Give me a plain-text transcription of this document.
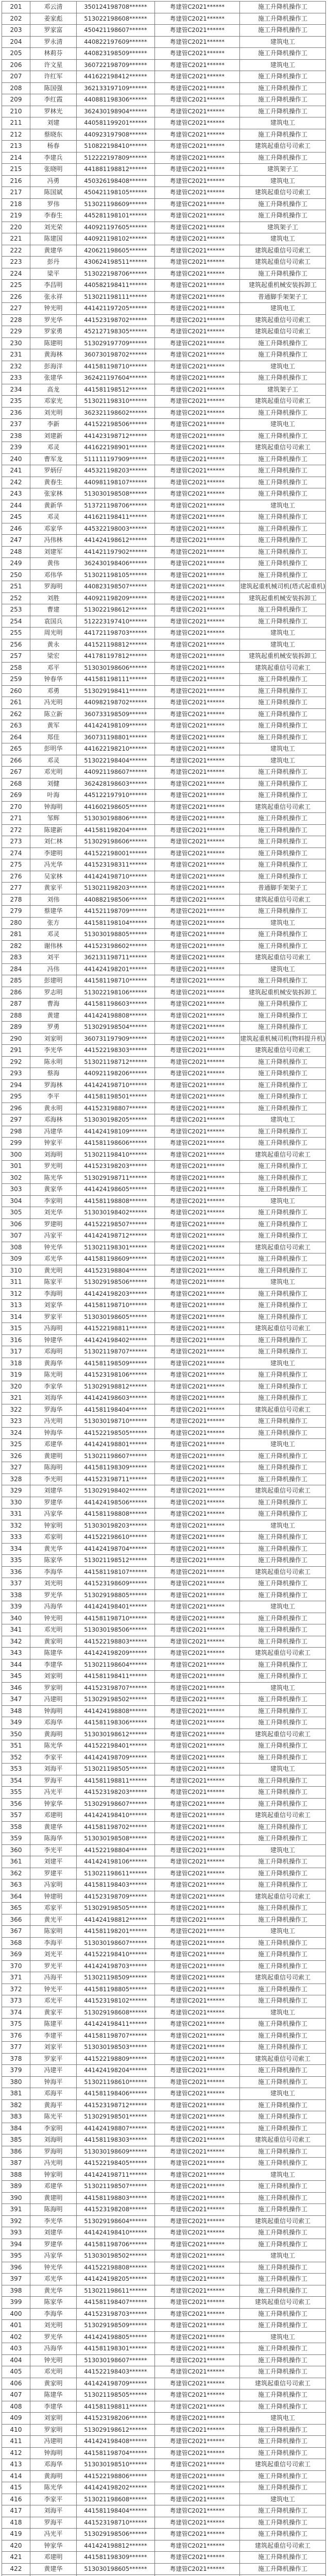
201	邓云清	350124198708******	粤建管C2021******	施工升降机操作工
202	姜家彪	513022198608******	粤建管C2021******	施工升降机操作工
203	罗家富	450421198607******	粤建管C2021******	施工升降机操作工
204	罗永清	440822197609******	粤建管C2021******	建筑电工
205	林莉芬	440823198509******	粤建管C2021******	施工升降机操作工
206	许文星	360722198709******	粤建管C2021******	建筑电工
207	许红军	441622198412******	粤建管C2021******	施工升降机操作工
208	陈国强	362133197109******	粤建管C2021******	施工升降机操作工
209	李红霞	440881198306******	粤建管C2021******	施工升降机操作工
210	罗林光	362430198904******	粤建管C2021******	施工升降机操作工
211	刘建	440581199201******	粤建管C2021******	建筑电工
212	蔡晓东	440923197908******	粤建管C2021******	施工升降机操作工
213	杨春	510822198410******	粤建管C2021******	建筑起重信号司索工
214	李建兵	512222197809******	粤建管C2021******	施工升降机操作工
215	张晓明	441881198812******	粤建管C2021******	建筑架子工
216	冯勇	450326198408******	粤建管C2021******	建筑电工
217	陈国斌	450421198105******	粤建管C2021******	建筑起重信号司索工
218	罗伟	513021198609******	粤建管C2021******	施工升降机操作工
219	李春生	445281198101******	粤建管C2021******	施工升降机操作工
220	刘光荣	440921197605******	粤建管C2021******	建筑架子工
221	陈建国	440921198102******	粤建管C2021******	建筑电工
222	黄建华	420621198605******	粤建管C2021******	建筑起重信号司索工
223	彭丹	430624198511******	粤建管C2021******	建筑起重信号司索工
224	梁平	513022198706******	粤建管C2021******	施工升降机操作工
225	李昌明	440582198411******	粤建管C2021******	建筑起重机械安装拆卸工
226	张永祥	513021198111******	粤建管C2021******	普通脚手架架子工
227	钟光明	441421197205******	粤建管C2021******	建筑电工
228	罗光华	441523198702******	粤建管C2021******	建筑起重信号司索工
229	罗家勇	452127198305******	粤建管C2021******	建筑起重信号司索工
230	陈建明	513029197709******	粤建管C2021******	施工升降机操作工
231	黄海林	360730198702******	粤建管C2021******	施工升降机操作工
232	彭海洋	441581198710******	粤建管C2021******	建筑电工
233	张建华	362421197604******	粤建管C2021******	施工升降机操作工
234	高龙	441581198512******	粤建管C2021******	建筑架子工
235	邓家光	513021198310******	粤建管C2021******	建筑起重信号司索工
236	刘光明	362321198602******	粤建管C2021******	施工升降机操作工
237	李新	441522198506******	粤建管C2021******	建筑电工
238	刘建新	441423198712******	粤建管C2021******	施工升降机操作工
239	邓灵	441622198901******	粤建管C2021******	建筑起重信号司索工
240	曹军龙	511111197909******	粤建管C2021******	施工升降机操作工
241	罗炳仔	445321198203******	粤建管C2021******	施工升降机操作工
242	黄春生	440981198107******	粤建管C2021******	施工升降机操作工
243	张家林	513030198508******	粤建管C2021******	施工升降机操作工
244	黄新华	513721198706******	粤建管C2021******	建筑电工
245	邓灵	441621198411******	粤建管C2021******	施工升降机操作工
246	邓家华	445322198003******	粤建管C2021******	施工升降机操作工
247	冯伟林	441424198612******	粤建管C2021******	施工升降机操作工
248	刘建军	441421197902******	粤建管C2021******	施工升降机操作工
249	黄伟	362430198406******	粤建管C2021******	施工升降机操作工
250	邓伟华	513021198105******	粤建管C2021******	施工升降机操作工
251	罗海明	440823198507******	粤建管C2021******	建筑起重机械司机(塔式起重机)
252	刘胜	440921198209******	粤建管C2021******	建筑起重机械安装拆卸工
253	曹建	513022198612******	粤建管C2021******	施工升降机操作工
254	袁国兵	512223197410******	粤建管C2021******	施工升降机操作工
255	周光明	441721198703******	粤建管C2021******	建筑电工
256	黄永	441521198812******	粤建管C2021******	建筑电工
257	梁宏	441781197812******	粤建管C2021******	建筑起重机械安装拆卸工
258	邓平	513030198606******	粤建管C2021******	建筑起重信号司索工
259	钟春华	441581198111******	粤建管C2021******	施工升降机操作工
260	邓勇	513029198411******	粤建管C2021******	施工升降机操作工
261	冯光明	440982198702******	粤建管C2021******	施工升降机操作工
262	陈立新	360733198509******	粤建管C2021******	施工升降机操作工
263	黄军	441424198109******	粤建管C2021******	施工升降机操作工
264	郑佳	360731198801******	粤建管C2021******	施工升降机操作工
265	彭明华	441622198210******	粤建管C2021******	建筑电工
266	邓灵	513022198404******	粤建管C2021******	建筑电工
267	邓光明	440921198607******	粤建管C2021******	施工升降机操作工
268	刘健	362428198603******	粤建管C2021******	施工升降机操作工
269	叶海	445122197910******	粤建管C2021******	施工升降机操作工
270	钟海明	441602198605******	粤建管C2021******	建筑起重信号司索工
271	邹辉	513030198806******	粤建管C2021******	施工升降机操作工
272	陈建新	441581198204******	粤建管C2021******	施工升降机操作工
273	刘仁林	513029198606******	粤建管C2021******	施工升降机操作工
274	李建明	441522198001******	粤建管C2021******	施工升降机操作工
275	冯光华	441523198311******	粤建管C2021******	施工升降机操作工
276	吴家林	441424198710******	粤建管C2021******	施工升降机操作工
277	黄家平	513021198203******	粤建管C2021******	普通脚手架架子工
278	刘伟	440882198506******	粤建管C2021******	建筑起重信号司索工
279	蔡建华	441521198709******	粤建管C2021******	施工升降机操作工
280	张方	441581198104******	粤建管C2021******	建筑电工
281	邓灵	513030198805******	粤建管C2021******	施工升降机操作工
282	谢伟林	441523198602******	粤建管C2021******	施工升降机操作工
283	刘平	362131198711******	粤建管C2021******	建筑起重信号司索工
284	冯伟	441424198201******	粤建管C2021******	建筑电工
285	彭建明	441581198710******	粤建管C2021******	施工升降机操作工
286	罗志明	513022198106******	粤建管C2021******	建筑起重机械安装拆卸工
287	曹海	441581198603******	粤建管C2021******	施工升降机操作工
288	黄建	441424198808******	粤建管C2021******	施工升降机操作工
289	罗勇	513029198504******	粤建管C2021******	施工升降机操作工
290	刘家明	360731197909******	粤建管C2021******	建筑起重机械司机(物料提升机)
291	李光华	441522198303******	粤建管C2021******	建筑起重信号司索工
292	陈永明	513021198712******	粤建管C2021******	施工升降机操作工
293	蔡海	440921198206******	粤建管C2021******	施工升降机操作工
294	罗海林	441424198710******	粤建管C2021******	施工升降机操作工
295	李平	441581198501******	粤建管C2021******	施工升降机操作工
296	黄永明	441523198807******	粤建管C2021******	施工升降机操作工
297	邓海林	513030198205******	粤建管C2021******	建筑电工
298	冯建华	441424198109******	粤建管C2021******	施工升降机操作工
299	钟家平	441581198606******	粤建管C2021******	施工升降机操作工
300	刘海明	513021198410******	粤建管C2021******	建筑起重信号司索工
301	罗光明	441523198203******	粤建管C2021******	施工升降机操作工
302	陈光华	513029198711******	粤建管C2021******	施工升降机操作工
303	黄家华	441424198605******	粤建管C2021******	施工升降机操作工
304	李家明	441581198808******	粤建管C2021******	建筑电工
305	刘光华	513030198402******	粤建管C2021******	施工升降机操作工
306	罗建明	441522198507******	粤建管C2021******	施工升降机操作工
307	冯家平	441424198712******	粤建管C2021******	施工升降机操作工
308	钟光华	513021198301******	粤建管C2021******	建筑起重信号司索工
309	邓光华	441581198609******	粤建管C2021******	施工升降机操作工
310	黄光明	441523198804******	粤建管C2021******	施工升降机操作工
311	陈家平	513029198506******	粤建管C2021******	建筑电工
312	李海明	441424198203******	粤建管C2021******	施工升降机操作工
313	刘家华	441581198710******	粤建管C2021******	施工升降机操作工
314	罗家平	513030198605******	粤建管C2021******	施工升降机操作工
315	冯海明	441522198811******	粤建管C2021******	建筑起重信号司索工
316	钟建华	441424198402******	粤建管C2021******	施工升降机操作工
317	邓海明	513021198707******	粤建管C2021******	施工升降机操作工
318	黄海华	441581198509******	粤建管C2021******	建筑电工
319	陈光明	441523198106******	粤建管C2021******	施工升降机操作工
320	李家华	513029198812******	粤建管C2021******	施工升降机操作工
321	刘海华	441424198603******	粤建管C2021******	施工升降机操作工
322	罗海华	441581198404******	粤建管C2021******	建筑起重信号司索工
323	冯光明	513030198710******	粤建管C2021******	施工升降机操作工
324	钟海华	441522198505******	粤建管C2021******	施工升降机操作工
325	邓建华	441424198801******	粤建管C2021******	建筑电工
326	黄建明	513021198607******	粤建管C2021******	施工升降机操作工
327	陈海明	441581198309******	粤建管C2021******	施工升降机操作工
328	李光明	441523198711******	粤建管C2021******	施工升降机操作工
329	刘建华	513029198402******	粤建管C2021******	建筑起重信号司索工
330	罗建华	441424198506******	粤建管C2021******	施工升降机操作工
331	冯家华	441581198808******	粤建管C2021******	施工升降机操作工
332	钟家明	513030198203******	粤建管C2021******	建筑电工
333	邓家明	441522198610******	粤建管C2021******	施工升降机操作工
334	黄光华	441424198704******	粤建管C2021******	施工升降机操作工
335	陈家华	513021198512******	粤建管C2021******	施工升降机操作工
336	李海华	441581198107******	粤建管C2021******	建筑起重信号司索工
337	刘光明	441523198609******	粤建管C2021******	施工升降机操作工
338	罗光华	513029198805******	粤建管C2021******	施工升降机操作工
339	冯海华	441424198401******	粤建管C2021******	建筑电工
340	钟光明	441581198710******	粤建管C2021******	施工升降机操作工
341	邓光明	513030198506******	粤建管C2021******	施工升降机操作工
342	黄家明	441522198803******	粤建管C2021******	施工升降机操作工
343	陈建华	441424198209******	粤建管C2021******	建筑起重信号司索工
344	李建华	513021198604******	粤建管C2021******	施工升降机操作工
345	刘家明	441581198411******	粤建管C2021******	施工升降机操作工
346	罗家明	441523198707******	粤建管C2021******	建筑电工
347	冯建明	513029198502******	粤建管C2021******	施工升降机操作工
348	钟海明	441424198808******	粤建管C2021******	施工升降机操作工
349	邓海华	441581198306******	粤建管C2021******	施工升降机操作工
350	黄海明	513030198612******	粤建管C2021******	建筑起重信号司索工
351	陈光华	441522198401******	粤建管C2021******	施工升降机操作工
352	李家平	441424198709******	粤建管C2021******	施工升降机操作工
353	刘海平	513021198505******	粤建管C2021******	建筑电工
354	罗海平	441581198811******	粤建管C2021******	施工升降机操作工
355	冯光平	441523198203******	粤建管C2021******	施工升降机操作工
356	钟家华	513029198607******	粤建管C2021******	施工升降机操作工
357	邓建明	441424198410******	粤建管C2021******	建筑起重信号司索工
358	黄建华	441581198702******	粤建管C2021******	施工升降机操作工
359	陈海华	513030198508******	粤建管C2021******	施工升降机操作工
360	李光平	441522198804******	粤建管C2021******	建筑电工
361	刘建平	441424198106******	粤建管C2021******	施工升降机操作工
362	罗建平	513021198611******	粤建管C2021******	施工升降机操作工
363	冯家明	441581198403******	粤建管C2021******	施工升降机操作工
364	钟建明	441523198709******	粤建管C2021******	建筑起重信号司索工
365	邓家平	513029198505******	粤建管C2021******	施工升降机操作工
366	黄光平	441424198812******	粤建管C2021******	施工升降机操作工
367	陈家明	441581198201******	粤建管C2021******	建筑电工
368	李海平	513030198607******	粤建管C2021******	施工升降机操作工
369	刘光平	441522198410******	粤建管C2021******	施工升降机操作工
370	罗光平	441424198703******	粤建管C2021******	施工升降机操作工
371	冯海平	513021198509******	粤建管C2021******	建筑起重信号司索工
372	钟光平	441581198805******	粤建管C2021******	施工升降机操作工
373	邓光平	441523198102******	粤建管C2021******	施工升降机操作工
374	黄家平	513029198608******	粤建管C2021******	建筑电工
375	陈建平	441424198411******	粤建管C2021******	施工升降机操作工
376	李建平	441581198707******	粤建管C2021******	施工升降机操作工
377	刘家平	513030198503******	粤建管C2021******	施工升降机操作工
378	罗家平	441522198809******	粤建管C2021******	建筑起重信号司索工
379	冯建平	441424198204******	粤建管C2021******	施工升降机操作工
380	钟海平	513021198610******	粤建管C2021******	施工升降机操作工
381	邓海平	441581198406******	粤建管C2021******	建筑电工
382	黄海平	441523198712******	粤建管C2021******	施工升降机操作工
383	陈光平	513029198501******	粤建管C2021******	施工升降机操作工
384	李家明	441424198807******	粤建管C2021******	施工升降机操作工
385	刘海明	441581198303******	粤建管C2021******	建筑起重信号司索工
386	罗海明	513030198609******	粤建管C2021******	施工升降机操作工
387	冯光明	441522198405******	粤建管C2021******	施工升降机操作工
388	钟家明	441424198711******	粤建管C2021******	建筑电工
389	邓建华	513021198507******	粤建管C2021******	施工升降机操作工
390	黄建明	441581198803******	粤建管C2021******	施工升降机操作工
391	陈海明	441523198208******	粤建管C2021******	施工升降机操作工
392	李光华	513029198604******	粤建管C2021******	建筑起重信号司索工
393	刘建华	441424198410******	粤建管C2021******	施工升降机操作工
394	罗建华	441581198706******	粤建管C2021******	施工升降机操作工
395	冯家华	513030198502******	粤建管C2021******	建筑电工
396	钟光华	441522198808******	粤建管C2021******	施工升降机操作工
397	邓光华	441424198205******	粤建管C2021******	施工升降机操作工
398	黄光华	513021198611******	粤建管C2021******	施工升降机操作工
399	陈家华	441581198407******	粤建管C2021******	建筑起重信号司索工
400	李海华	441523198703******	粤建管C2021******	施工升降机操作工
401	刘光明	513029198509******	粤建管C2021******	施工升降机操作工
402	罗光华	441424198805******	粤建管C2021******	建筑电工
403	冯海华	441581198301******	粤建管C2021******	施工升降机操作工
404	钟光明	513030198607******	粤建管C2021******	施工升降机操作工
405	邓光明	441522198403******	粤建管C2021******	施工升降机操作工
406	黄家明	441424198709******	粤建管C2021******	建筑起重信号司索工
407	陈建华	513021198505******	粤建管C2021******	施工升降机操作工
408	李建华	441581198811******	粤建管C2021******	施工升降机操作工
409	刘家明	441523198206******	粤建管C2021******	建筑电工
410	罗家明	513029198612******	粤建管C2021******	施工升降机操作工
411	冯建明	441424198408******	粤建管C2021******	施工升降机操作工
412	钟海明	441581198704******	粤建管C2021******	施工升降机操作工
413	邓海华	513030198510******	粤建管C2021******	建筑起重信号司索工
414	黄海明	441522198806******	粤建管C2021******	施工升降机操作工
415	陈光华	441424198202******	粤建管C2021******	施工升降机操作工
416	李家平	513021198608******	粤建管C2021******	建筑电工
417	刘海平	441581198404******	粤建管C2021******	施工升降机操作工
418	罗海平	441523198710******	粤建管C2021******	施工升降机操作工
419	冯光平	513029198506******	粤建管C2021******	施工升降机操作工
420	钟家华	441424198812******	粤建管C2021******	建筑起重信号司索工
421	邓建明	441581198309******	粤建管C2021******	施工升降机操作工
422	黄建华	513030198605******	粤建管C2021******	施工升降机操作工
